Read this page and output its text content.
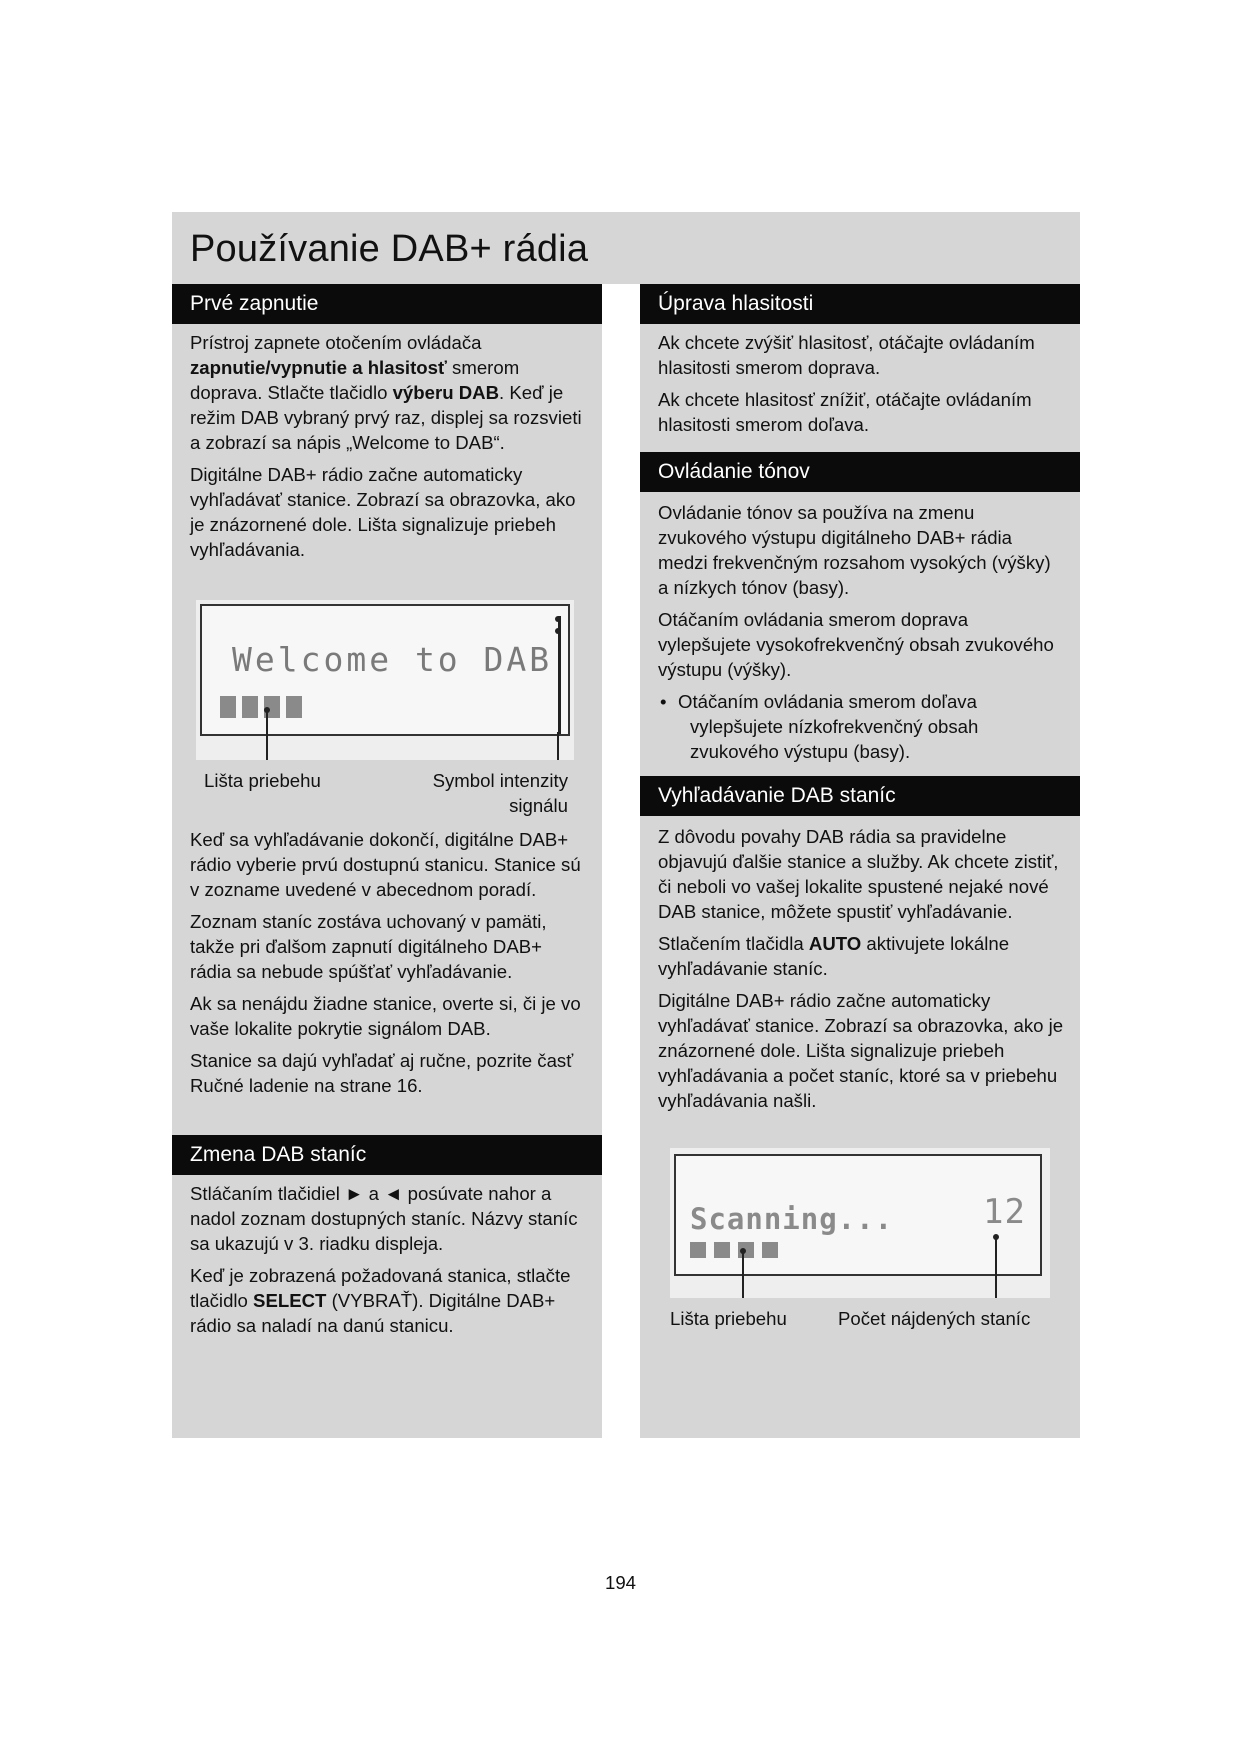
Používanie DAB+ rádia
Prvé zapnutie

Prístroj zapnete otočením ovládača zapnutie/vypnutie a hlasitosť smerom doprava. Stlačte tlačidlo výberu DAB. Keď je režim DAB vybraný prvý raz, displej sa rozsvieti a zobrazí sa nápis „Welcome to DAB“.

Digitálne DAB+ rádio začne automaticky vyhľadávať stanice. Zobrazí sa obrazovka, ako je znázornené dole. Lišta signalizuje priebeh vyhľadávania.

Welcome to DAB
Lišta priebehu	Symbol intenzity
signálu

Keď sa vyhľadávanie dokončí, digitálne DAB+ rádio vyberie prvú dostupnú stanicu. Stanice sú v zozname uvedené v abecednom poradí.

Zoznam staníc zostáva uchovaný v pamäti, takže pri ďalšom zapnutí digitálneho DAB+ rádia sa nebude spúšťať vyhľadávanie.

Ak sa nenájdu žiadne stanice, overte si, či je vo vaše lokalite pokrytie signálom DAB.

Stanice sa dajú vyhľadať aj ručne, pozrite časť Ručné ladenie na strane 16.

Zmena DAB staníc

Stláčaním tlačidiel ► a ◄ posúvate nahor a nadol zoznam dostupných staníc. Názvy staníc sa ukazujú v 3. riadku displeja.

Keď je zobrazená požadovaná stanica, stlačte tlačidlo SELECT (VYBRAŤ). Digitálne DAB+ rádio sa naladí na danú stanicu.

Úprava hlasitosti

Ak chcete zvýšiť hlasitosť, otáčajte ovládaním hlasitosti smerom doprava.

Ak chcete hlasitosť znížiť, otáčajte ovládaním hlasitosti smerom doľava.

Ovládanie tónov

Ovládanie tónov sa používa na zmenu zvukového výstupu digitálneho DAB+ rádia medzi frekvenčným rozsahom vysokých (výšky) a nízkych tónov (basy).

Otáčaním ovládania smerom doprava vylepšujete vysokofrekvenčný obsah zvukového výstupu (výšky).

• Otáčaním ovládania smerom doľava
vylepšujete nízkofrekvenčný obsah zvukového výstupu (basy).
Vyhľadávanie DAB staníc

Z dôvodu povahy DAB rádia sa pravidelne objavujú ďalšie stanice a služby. Ak chcete zistiť, či neboli vo vašej lokalite spustené nejaké nové DAB stanice, môžete spustiť vyhľadávanie.

Stlačením tlačidla AUTO aktivujete lokálne vyhľadávanie staníc.

Digitálne DAB+ rádio začne automaticky vyhľadávať stanice. Zobrazí sa obrazovka, ako je znázornené dole. Lišta signalizuje priebeh vyhľadávania a počet staníc, ktoré sa v priebehu vyhľadávania našli.

Scanning...	12
Lišta priebehu	Počet nájdených staníc
194
